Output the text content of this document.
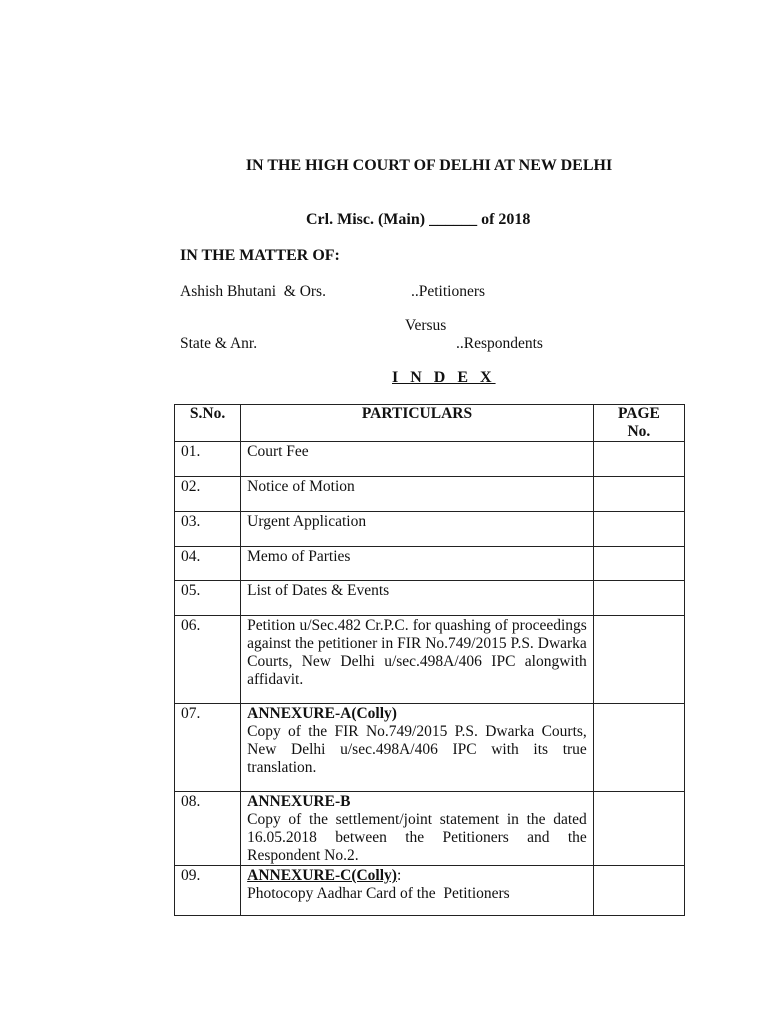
IN THE HIGH COURT OF DELHI AT NEW DELHI
Crl. Misc. (Main) ______ of 2018
IN THE MATTER OF:
Ashish Bhutani  & Ors.	..Petitioners
Versus
State & Anr.	..Respondents
I N D E X
S.No.	PARTICULARS	PAGE
No.

01.	Court Fee	

02.	Notice of Motion	

03.	Urgent Application	

04.	Memo of Parties	

05.	List of Dates & Events	

06.	Petition u/Sec.482 Cr.P.C. for quashing of proceedings against the petitioner in FIR No.749/2015 P.S. Dwarka Courts, New Delhi u/sec.498A/406 IPC alongwith affidavit.	

07.	ANNEXURE-A(Colly)
Copy of the FIR No.749/2015 P.S. Dwarka Courts, New Delhi u/sec.498A/406 IPC with its true translation.	

08.	ANNEXURE-B
Copy of the settlement/joint statement in the dated 16.05.2018 between the Petitioners and the Respondent No.2.	

09.	ANNEXURE-C(Colly):
Photocopy Aadhar Card of the  Petitioners	
